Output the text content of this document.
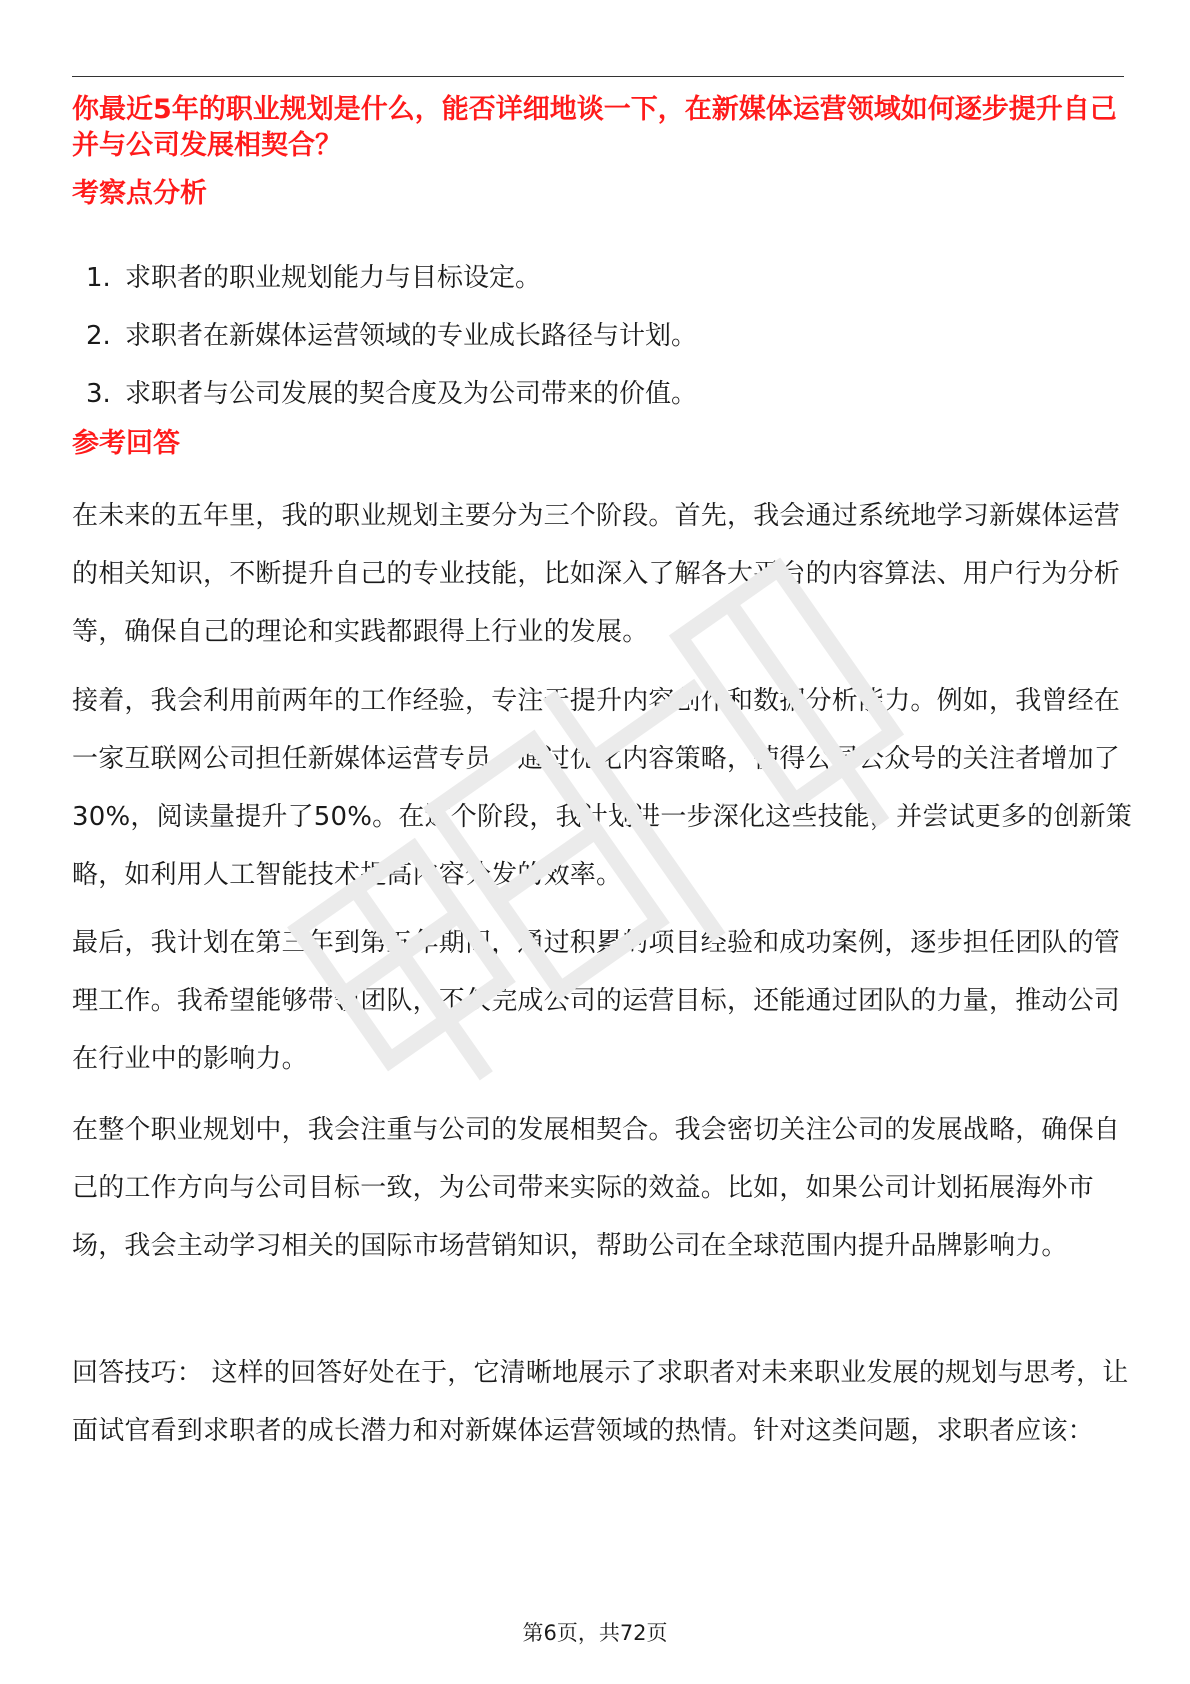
你最近5年的职业规划是什么，能否详细地谈一下，在新媒体运营领域如何逐步提升自己并与公司发展相契合？
考察点分析
1. 求职者的职业规划能力与目标设定。
2. 求职者在新媒体运营领域的专业成长路径与计划。
3. 求职者与公司发展的契合度及为公司带来的价值。
参考回答

在未来的五年里，我的职业规划主要分为三个阶段。首先，我会通过系统地学习新媒体运营的相关知识，不断提升自己的专业技能，比如深入了解各大平台的内容算法、用户行为分析等，确保自己的理论和实践都跟得上行业的发展。

接着，我会利用前两年的工作经验，专注于提升内容创作和数据分析能力。例如，我曾经在一家互联网公司担任新媒体运营专员，通过优化内容策略，使得公司公众号的关注者增加了30%，阅读量提升了50%。在这个阶段，我计划进一步深化这些技能，并尝试更多的创新策略，如利用人工智能技术提高内容分发的效率。

最后，我计划在第三年到第五年期间，通过积累的项目经验和成功案例，逐步担任团队的管理工作。我希望能够带领团队，不仅完成公司的运营目标，还能通过团队的力量，推动公司在行业中的影响力。

在整个职业规划中，我会注重与公司的发展相契合。我会密切关注公司的发展战略，确保自己的工作方向与公司目标一致，为公司带来实际的效益。比如，如果公司计划拓展海外市场，我会主动学习相关的国际市场营销知识，帮助公司在全球范围内提升品牌影响力。

回答技巧： 这样的回答好处在于，它清晰地展示了求职者对未来职业发展的规划与思考，让面试官看到求职者的成长潜力和对新媒体运营领域的热情。针对这类问题，求职者应该：

第6页，共72页
